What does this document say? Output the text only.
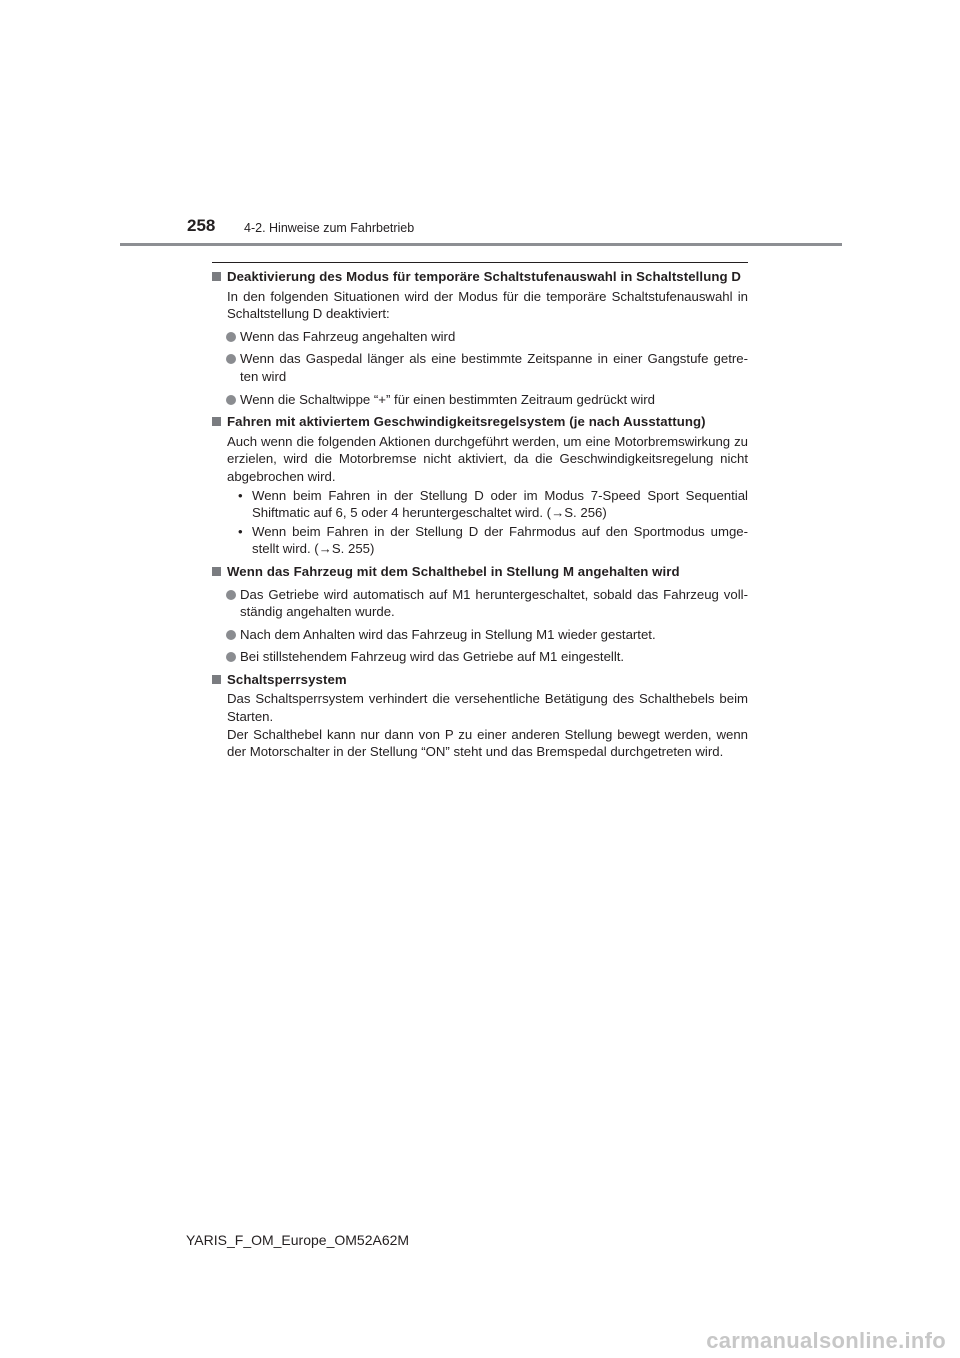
258 4-2. Hinweise zum Fahrbetrieb
Deaktivierung des Modus für temporäre Schaltstufenauswahl in Schaltstellung D
In den folgenden Situationen wird der Modus für die temporäre Schaltstufenauswahl in Schaltstellung D deaktiviert:
Wenn das Fahrzeug angehalten wird
Wenn das Gaspedal länger als eine bestimmte Zeitspanne in einer Gangstufe getre-ten wird
Wenn die Schaltwippe “+” für einen bestimmten Zeitraum gedrückt wird
Fahren mit aktiviertem Geschwindigkeitsregelsystem (je nach Ausstattung)
Auch wenn die folgenden Aktionen durchgeführt werden, um eine Motorbremswirkung zu erzielen, wird die Motorbremse nicht aktiviert, da die Geschwindigkeitsregelung nicht abgebrochen wird.
• Wenn beim Fahren in der Stellung D oder im Modus 7-Speed Sport Sequential Shiftmatic auf 6, 5 oder 4 heruntergeschaltet wird. (→S. 256)
• Wenn beim Fahren in der Stellung D der Fahrmodus auf den Sportmodus umge-stellt wird. (→S. 255)
Wenn das Fahrzeug mit dem Schalthebel in Stellung M angehalten wird
Das Getriebe wird automatisch auf M1 heruntergeschaltet, sobald das Fahrzeug voll-ständig angehalten wurde.
Nach dem Anhalten wird das Fahrzeug in Stellung M1 wieder gestartet.
Bei stillstehendem Fahrzeug wird das Getriebe auf M1 eingestellt.
Schaltsperrsystem
Das Schaltsperrsystem verhindert die versehentliche Betätigung des Schalthebels beim Starten.
Der Schalthebel kann nur dann von P zu einer anderen Stellung bewegt werden, wenn der Motorschalter in der Stellung “ON” steht und das Bremspedal durchgetreten wird.
YARIS_F_OM_Europe_OM52A62M
carmanualsonline.info
